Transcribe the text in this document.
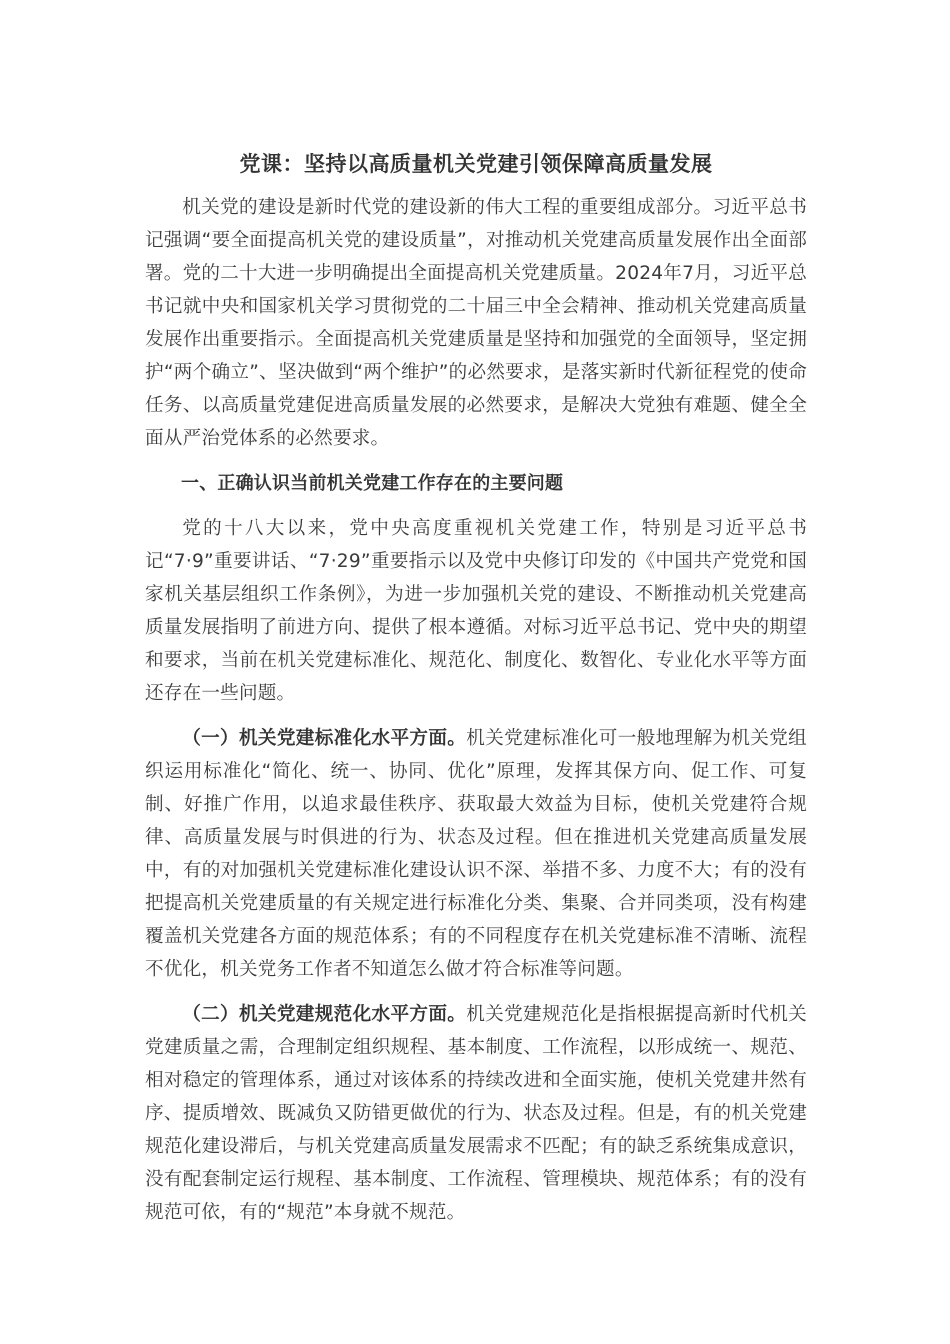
党课：坚持以高质量机关党建引领保障高质量发展

机关党的建设是新时代党的建设新的伟大工程的重要组成部分。习近平总书记强调“要全面提高机关党的建设质量”，对推动机关党建高质量发展作出全面部署。党的二十大进一步明确提出全面提高机关党建质量。2024年7月，习近平总书记就中央和国家机关学习贯彻党的二十届三中全会精神、推动机关党建高质量发展作出重要指示。全面提高机关党建质量是坚持和加强党的全面领导，坚定拥护“两个确立”、坚决做到“两个维护”的必然要求，是落实新时代新征程党的使命任务、以高质量党建促进高质量发展的必然要求，是解决大党独有难题、健全全面从严治党体系的必然要求。

一、正确认识当前机关党建工作存在的主要问题

党的十八大以来，党中央高度重视机关党建工作，特别是习近平总书记“7·9”重要讲话、“7·29”重要指示以及党中央修订印发的《中国共产党党和国家机关基层组织工作条例》，为进一步加强机关党的建设、不断推动机关党建高质量发展指明了前进方向、提供了根本遵循。对标习近平总书记、党中央的期望和要求，当前在机关党建标准化、规范化、制度化、数智化、专业化水平等方面还存在一些问题。

（一）机关党建标准化水平方面。机关党建标准化可一般地理解为机关党组织运用标准化“简化、统一、协同、优化”原理，发挥其保方向、促工作、可复制、好推广作用，以追求最佳秩序、获取最大效益为目标，使机关党建符合规律、高质量发展与时俱进的行为、状态及过程。但在推进机关党建高质量发展中，有的对加强机关党建标准化建设认识不深、举措不多、力度不大；有的没有把提高机关党建质量的有关规定进行标准化分类、集聚、合并同类项，没有构建覆盖机关党建各方面的规范体系；有的不同程度存在机关党建标准不清晰、流程不优化，机关党务工作者不知道怎么做才符合标准等问题。

（二）机关党建规范化水平方面。机关党建规范化是指根据提高新时代机关党建质量之需，合理制定组织规程、基本制度、工作流程，以形成统一、规范、相对稳定的管理体系，通过对该体系的持续改进和全面实施，使机关党建井然有序、提质增效、既减负又防错更做优的行为、状态及过程。但是，有的机关党建规范化建设滞后，与机关党建高质量发展需求不匹配；有的缺乏系统集成意识，没有配套制定运行规程、基本制度、工作流程、管理模块、规范体系；有的没有规范可依，有的“规范”本身就不规范。
